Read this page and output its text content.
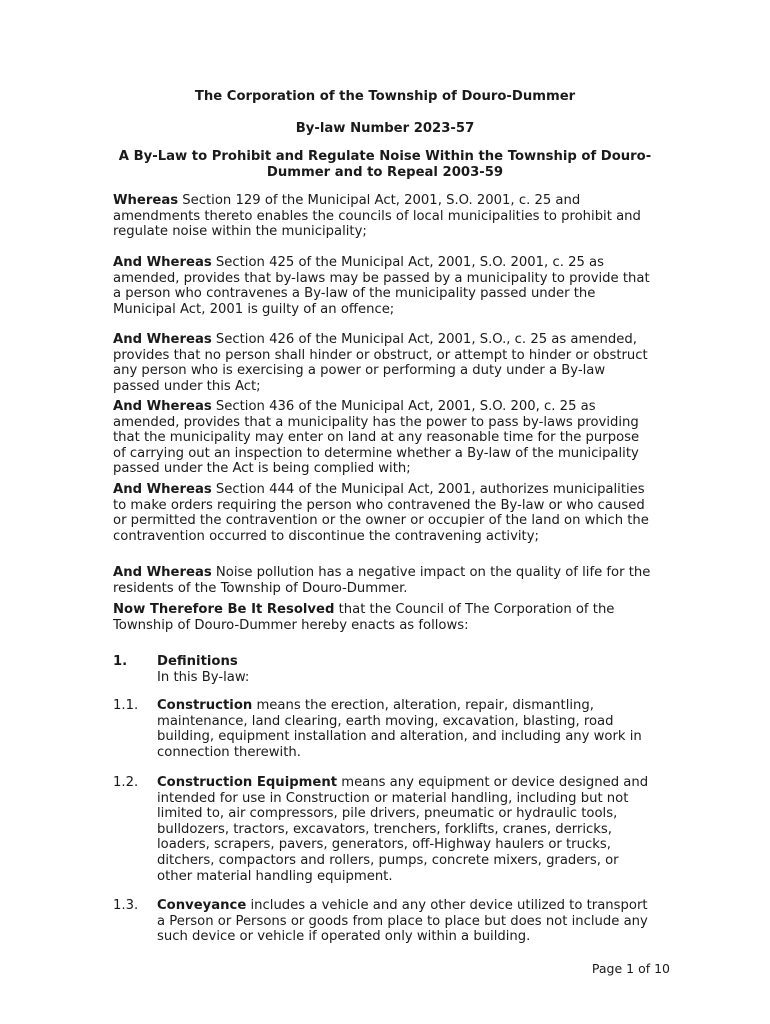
The Corporation of the Township of Douro-Dummer
By-law Number 2023-57
A By-Law to Prohibit and Regulate Noise Within the Township of Douro-Dummer and to Repeal 2003-59

Whereas Section 129 of the Municipal Act, 2001, S.O. 2001, c. 25 and amendments thereto enables the councils of local municipalities to prohibit and regulate noise within the municipality;

And Whereas Section 425 of the Municipal Act, 2001, S.O. 2001, c. 25 as amended, provides that by-laws may be passed by a municipality to provide that a person who contravenes a By-law of the municipality passed under the Municipal Act, 2001 is guilty of an offence;

And Whereas Section 426 of the Municipal Act, 2001, S.O., c. 25 as amended, provides that no person shall hinder or obstruct, or attempt to hinder or obstruct any person who is exercising a power or performing a duty under a By-law passed under this Act;

And Whereas Section 436 of the Municipal Act, 2001, S.O. 200, c. 25 as amended, provides that a municipality has the power to pass by-laws providing that the municipality may enter on land at any reasonable time for the purpose of carrying out an inspection to determine whether a By-law of the municipality passed under the Act is being complied with;

And Whereas Section 444 of the Municipal Act, 2001, authorizes municipalities to make orders requiring the person who contravened the By-law or who caused or permitted the contravention or the owner or occupier of the land on which the contravention occurred to discontinue the contravening activity;

And Whereas Noise pollution has a negative impact on the quality of life for the residents of the Township of Douro-Dummer.

Now Therefore Be It Resolved that the Council of The Corporation of the Township of Douro-Dummer hereby enacts as follows:

1. Definitions
In this By-law:
1.1. Construction means the erection, alteration, repair, dismantling, maintenance, land clearing, earth moving, excavation, blasting, road building, equipment installation and alteration, and including any work in connection therewith.

1.2. Construction Equipment means any equipment or device designed and intended for use in Construction or material handling, including but not limited to, air compressors, pile drivers, pneumatic or hydraulic tools, bulldozers, tractors, excavators, trenchers, forklifts, cranes, derricks, loaders, scrapers, pavers, generators, off-Highway haulers or trucks, ditchers, compactors and rollers, pumps, concrete mixers, graders, or other material handling equipment.

1.3. Conveyance includes a vehicle and any other device utilized to transport a Person or Persons or goods from place to place but does not include any such device or vehicle if operated only within a building.

Page 1 of 10
